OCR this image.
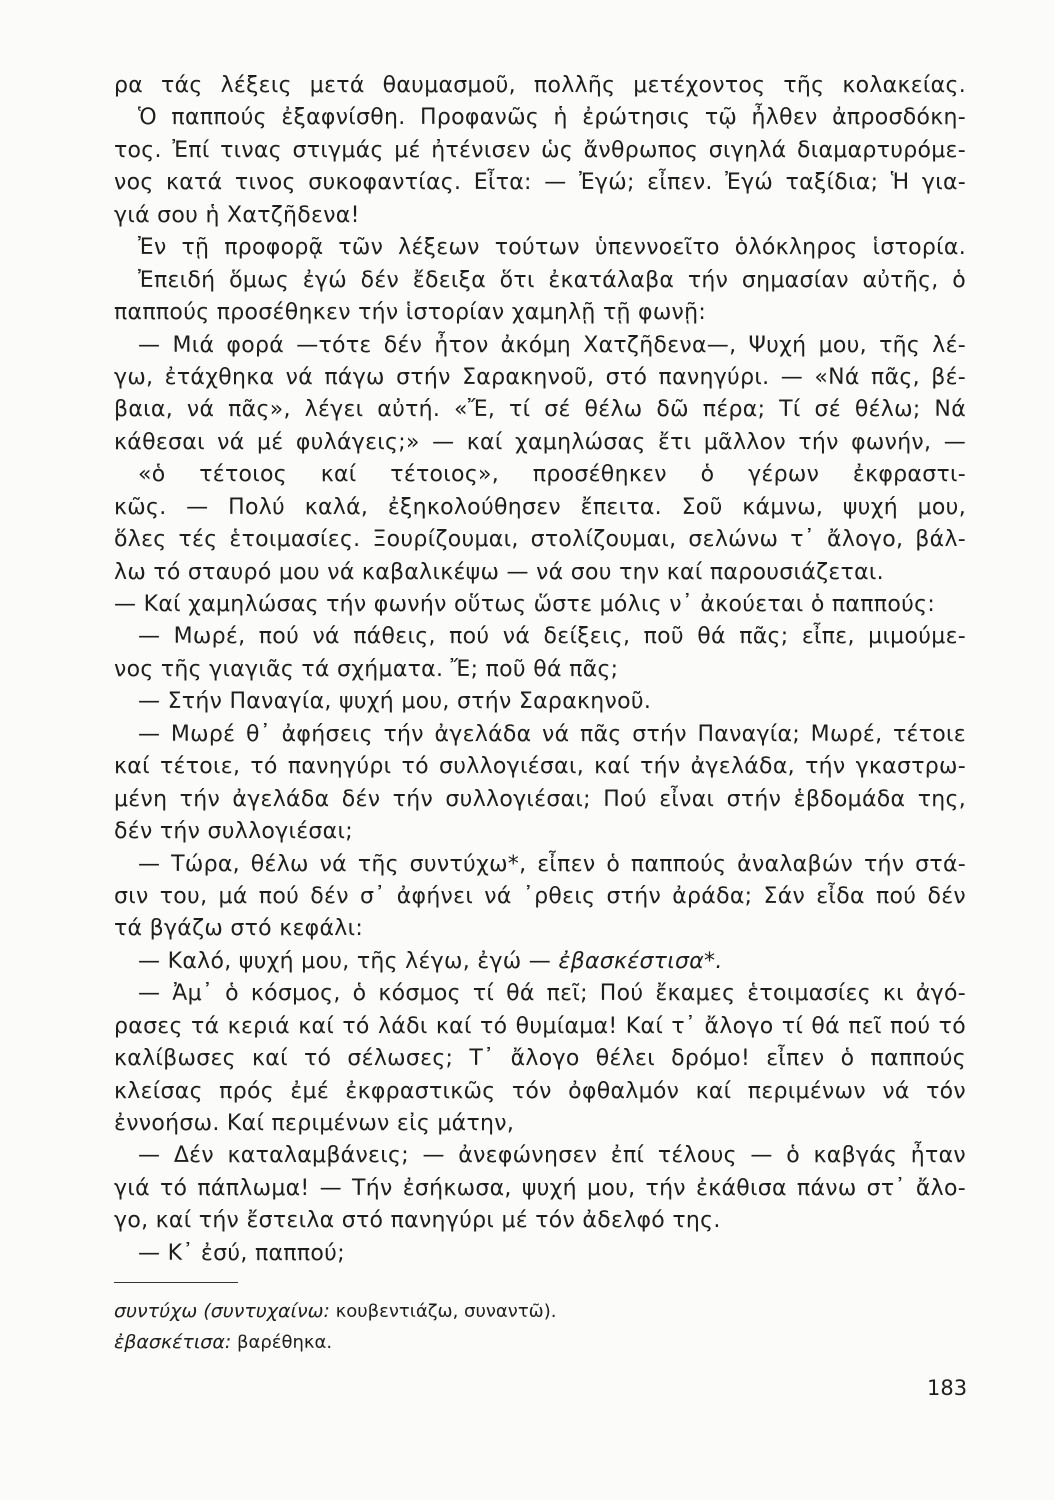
ρα τάς λέξεις μετά θαυμασμοῦ, πολλῆς μετέχοντος τῆς κολακείας.
Ὁ παππούς ἐξαφνίσθη. Προφανῶς ἡ ἐρώτησις τῷ ἦλθεν ἀπροσδόκη-
τος. Ἐπί τινας στιγμάς μέ ἠτένισεν ὡς ἄνθρωπος σιγηλά διαμαρτυρόμε-
νος κατά τινος συκοφαντίας. Εἶτα: — Ἐγώ; εἶπεν. Ἐγώ ταξίδια; Ἡ για-
γιά σου ἡ Χατζῆδενα!
Ἐν τῇ προφορᾷ τῶν λέξεων τούτων ὑπεννοεῖτο ὁλόκληρος ἱστορία.
Ἐπειδή ὅμως ἐγώ δέν ἔδειξα ὅτι ἐκατάλαβα τήν σημασίαν αὐτῆς, ὁ
παππούς προσέθηκεν τήν ἱστορίαν χαμηλῇ τῇ φωνῇ:
— Μιά φορά —τότε δέν ἦτον ἀκόμη Χατζῆδενα—, Ψυχή μου, τῆς λέ-
γω, ἐτάχθηκα νά πάγω στήν Σαρακηνοῦ, στό πανηγύρι. — «Νά πᾶς, βέ-
βαια, νά πᾶς», λέγει αὐτή. «Ἔ, τί σέ θέλω δῶ πέρα; Τί σέ θέλω; Νά
κάθεσαι νά μέ φυλάγεις;» — καί χαμηλώσας ἔτι μᾶλλον τήν φωνήν, —
«ὁ τέτοιος καί τέτοιος», προσέθηκεν ὁ γέρων ἐκφραστι-
κῶς. — Πολύ καλά, ἐξηκολούθησεν ἔπειτα. Σοῦ κάμνω, ψυχή μου,
ὅλες τές ἑτοιμασίες. Ξουρίζουμαι, στολίζουμαι, σελώνω τ᾽ ἄλογο, βάλ-
λω τό σταυρό μου νά καβαλικέψω — νά σου την καί παρουσιάζεται.
— Καί χαμηλώσας τήν φωνήν οὕτως ὥστε μόλις ν᾽ ἀκούεται ὁ παππούς:
— Μωρέ, πού νά πάθεις, πού νά δείξεις, ποῦ θά πᾶς; εἶπε, μιμούμε-
νος τῆς γιαγιᾶς τά σχήματα. Ἔ; ποῦ θά πᾶς;
— Στήν Παναγία, ψυχή μου, στήν Σαρακηνοῦ.
— Μωρέ θ᾽ ἀφήσεις τήν ἀγελάδα νά πᾶς στήν Παναγία; Μωρέ, τέτοιε
καί τέτοιε, τό πανηγύρι τό συλλογιέσαι, καί τήν ἀγελάδα, τήν γκαστρω-
μένη τήν ἀγελάδα δέν τήν συλλογιέσαι; Πού εἶναι στήν ἑβδομάδα της,
δέν τήν συλλογιέσαι;
— Τώρα, θέλω νά τῆς συντύχω*, εἶπεν ὁ παππούς ἀναλαβών τήν στά-
σιν του, μά πού δέν σ᾽ ἀφήνει νά ᾽ρθεις στήν ἀράδα; Σάν εἶδα πού δέν
τά βγάζω στό κεφάλι:
— Καλό, ψυχή μου, τῆς λέγω, ἐγώ — ἐβασκέστισα*.
— Ἀμ᾽ ὁ κόσμος, ὁ κόσμος τί θά πεῖ; Πού ἔκαμες ἑτοιμασίες κι ἀγό-
ρασες τά κεριά καί τό λάδι καί τό θυμίαμα! Καί τ᾽ ἄλογο τί θά πεῖ πού τό
καλίβωσες καί τό σέλωσες; Τ᾽ ἄλογο θέλει δρόμο! εἶπεν ὁ παππούς
κλείσας πρός ἐμέ ἐκφραστικῶς τόν ὀφθαλμόν καί περιμένων νά τόν
ἐννοήσω. Καί περιμένων εἰς μάτην,
— Δέν καταλαμβάνεις; — ἀνεφώνησεν ἐπί τέλους — ὁ καβγάς ἦταν
γιά τό πάπλωμα! — Τήν ἐσήκωσα, ψυχή μου, τήν ἐκάθισα πάνω στ᾽ ἄλο-
γο, καί τήν ἔστειλα στό πανηγύρι μέ τόν ἀδελφό της.
— Κ᾽ ἐσύ, παππού;
συντύχω (συντυχαίνω: κουβεντιάζω, συναντῶ).
ἐβασκέτισα: βαρέθηκα.
183
